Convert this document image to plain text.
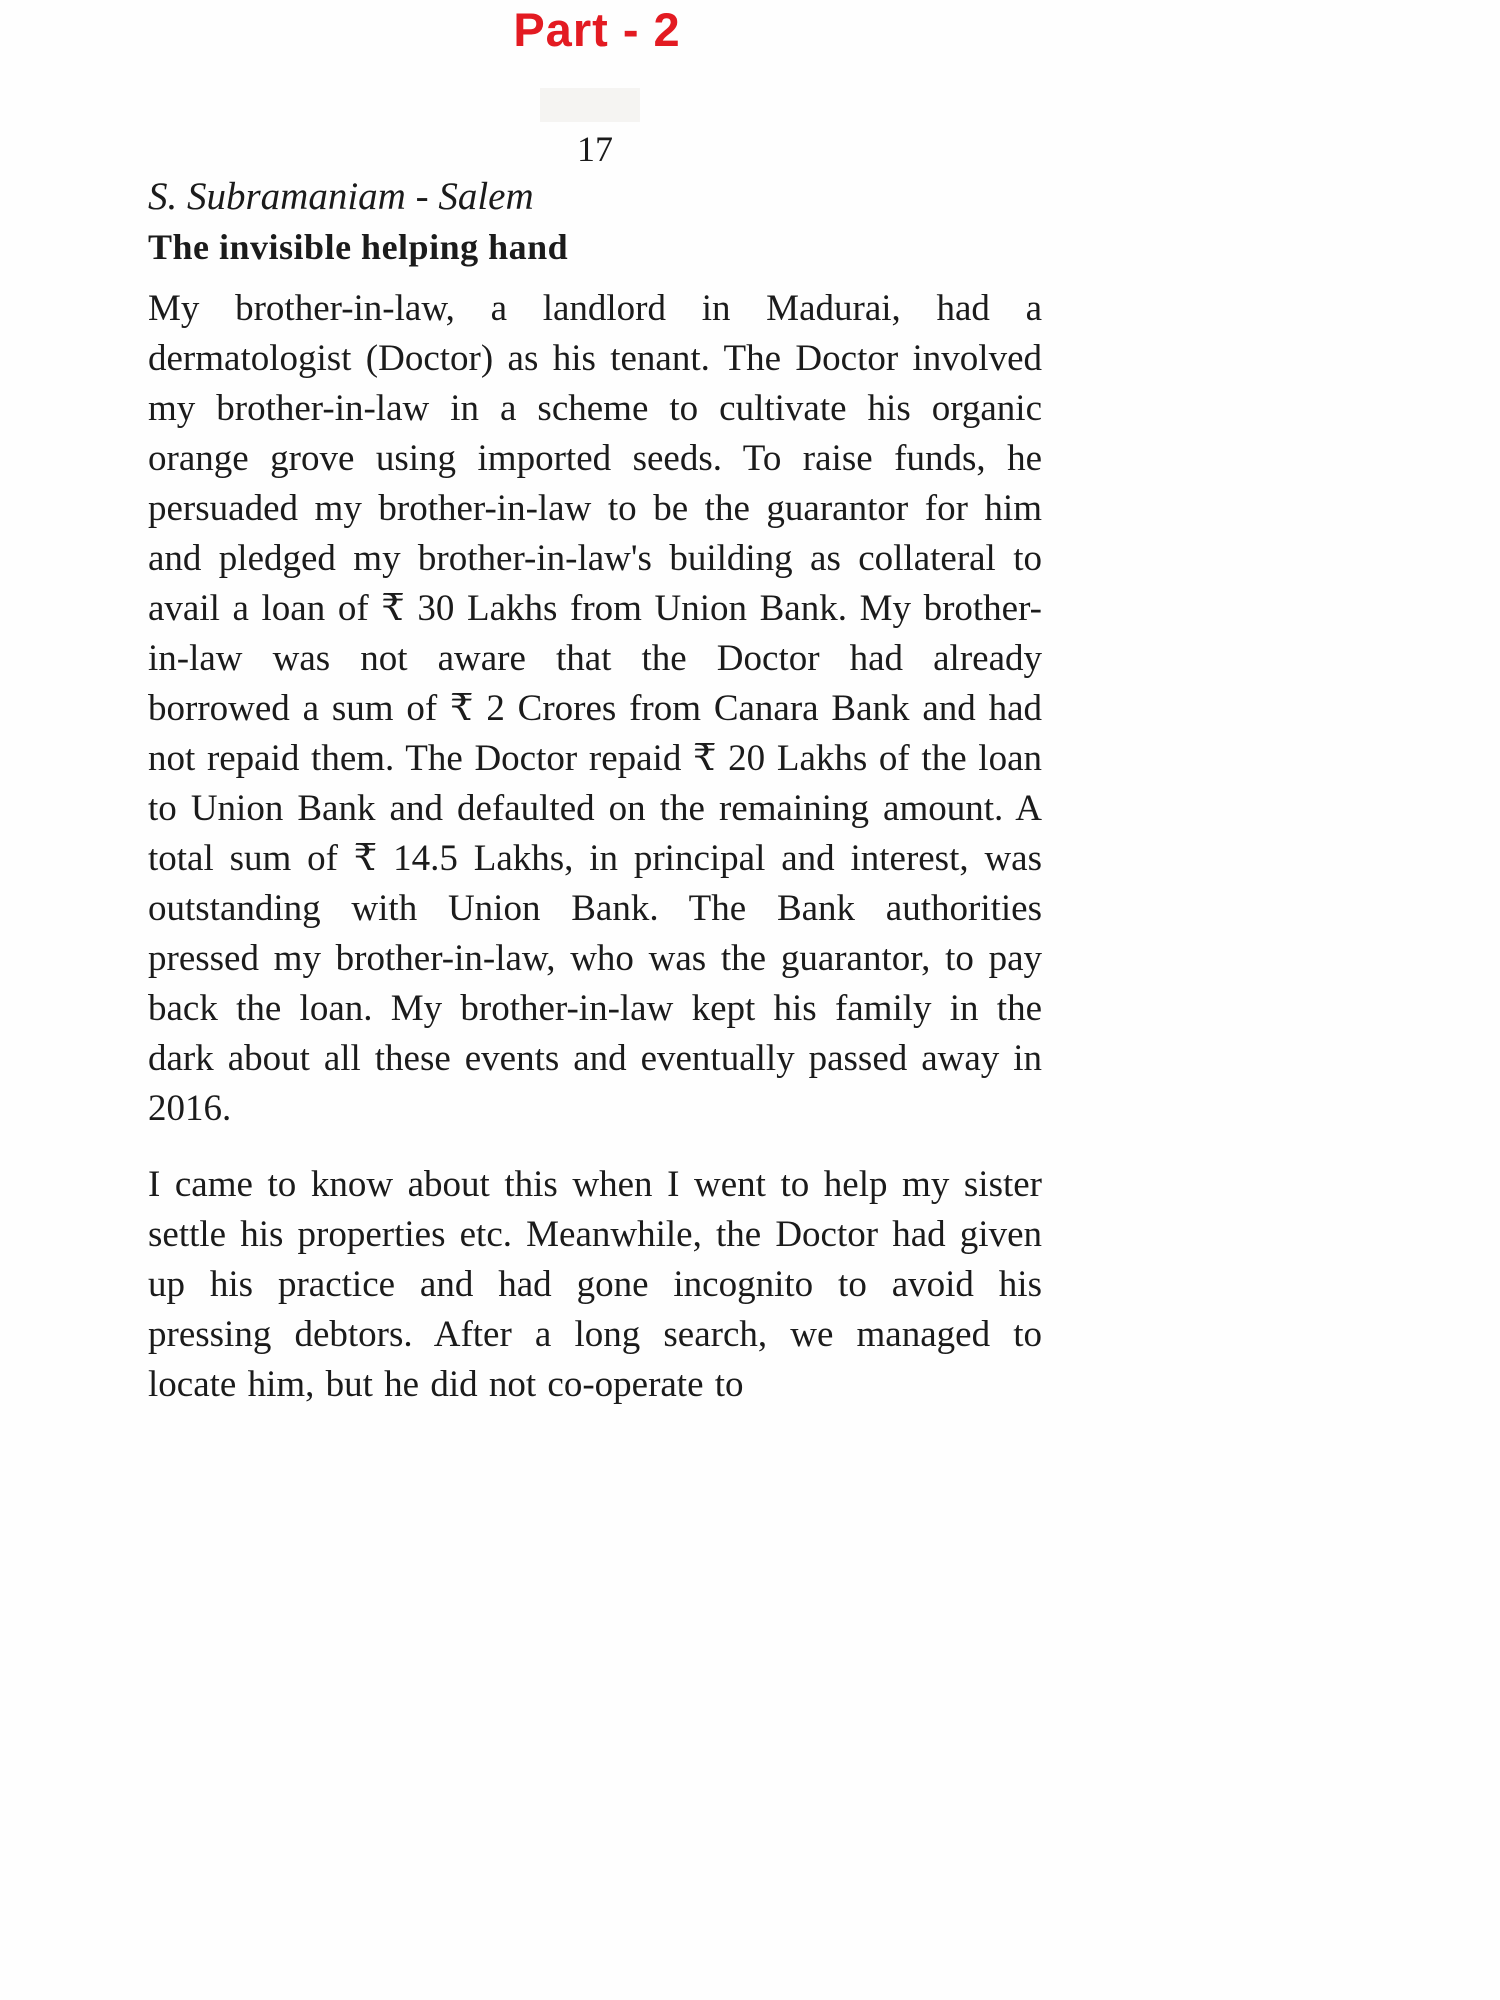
Part - 2
17
S. Subramaniam - Salem
The invisible helping hand

My brother-in-law, a landlord in Madurai, had a dermatologist (Doctor) as his tenant. The Doctor involved my brother-in-law in a scheme to cultivate his organic orange grove using imported seeds. To raise funds, he persuaded my brother-in-law to be the guarantor for him and pledged my brother-in-law's building as collateral to avail a loan of ₹ 30 Lakhs from Union Bank. My brother-in-law was not aware that the Doctor had already borrowed a sum of ₹ 2 Crores from Canara Bank and had not repaid them. The Doctor repaid ₹ 20 Lakhs of the loan to Union Bank and defaulted on the remaining amount. A total sum of ₹ 14.5 Lakhs, in principal and interest, was outstanding with Union Bank. The Bank authorities pressed my brother-in-law, who was the guarantor, to pay back the loan. My brother-in-law kept his family in the dark about all these events and eventually passed away in 2016.

I came to know about this when I went to help my sister settle his properties etc. Meanwhile, the Doctor had given up his practice and had gone incognito to avoid his pressing debtors. After a long search, we managed to locate him, but he did not co-operate to
